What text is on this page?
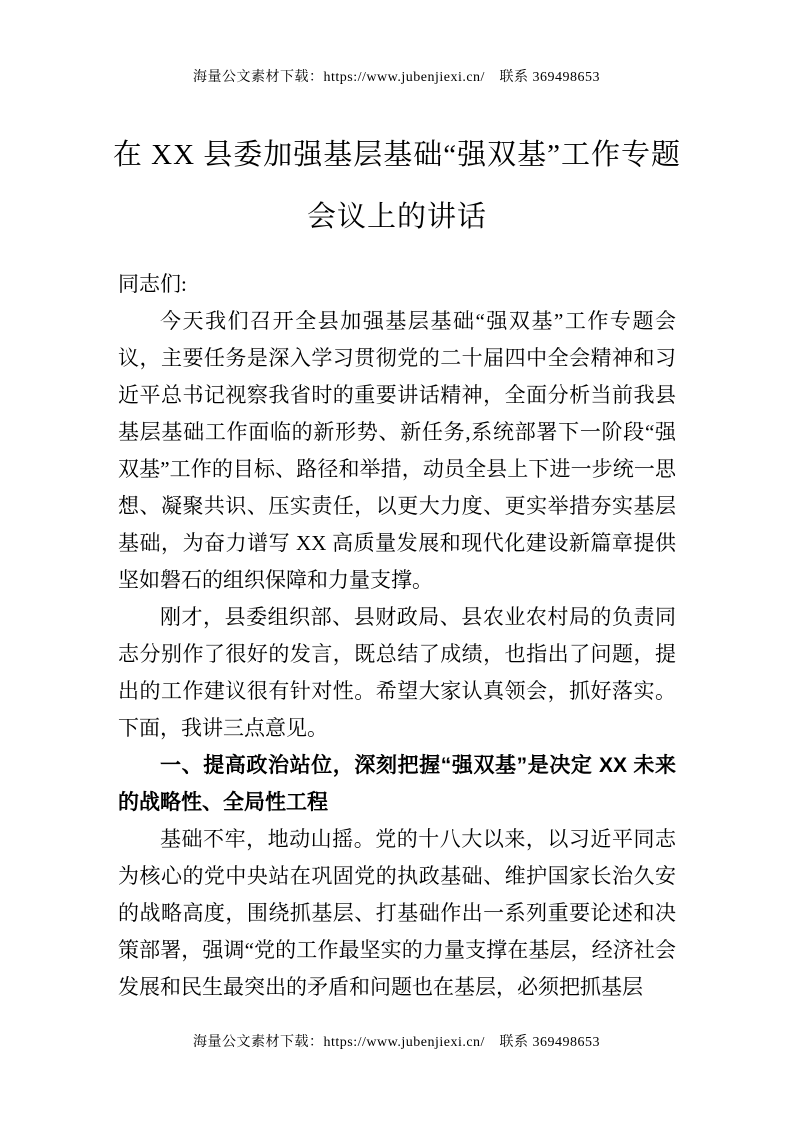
海量公文素材下载：https://www.jubenjiexi.cn/　联系 369498653
在 XX 县委加强基层基础“强双基”工作专题会议上的讲话

同志们:

今天我们召开全县加强基层基础“强双基”工作专题会议，主要任务是深入学习贯彻党的二十届四中全会精神和习近平总书记视察我省时的重要讲话精神，全面分析当前我县基层基础工作面临的新形势、新任务,系统部署下一阶段“强双基”工作的目标、路径和举措，动员全县上下进一步统一思想、凝聚共识、压实责任，以更大力度、更实举措夯实基层基础，为奋力谱写 XX 高质量发展和现代化建设新篇章提供坚如磐石的组织保障和力量支撑。

刚才，县委组织部、县财政局、县农业农村局的负责同志分别作了很好的发言，既总结了成绩，也指出了问题，提出的工作建议很有针对性。希望大家认真领会，抓好落实。下面，我讲三点意见。

一、提高政治站位，深刻把握“强双基”是决定 XX 未来的战略性、全局性工程

基础不牢，地动山摇。党的十八大以来，以习近平同志为核心的党中央站在巩固党的执政基础、维护国家长治久安的战略高度，围绕抓基层、打基础作出一系列重要论述和决策部署，强调“党的工作最坚实的力量支撑在基层，经济社会发展和民生最突出的矛盾和问题也在基层，必须把抓基层

海量公文素材下载：https://www.jubenjiexi.cn/　联系 369498653
